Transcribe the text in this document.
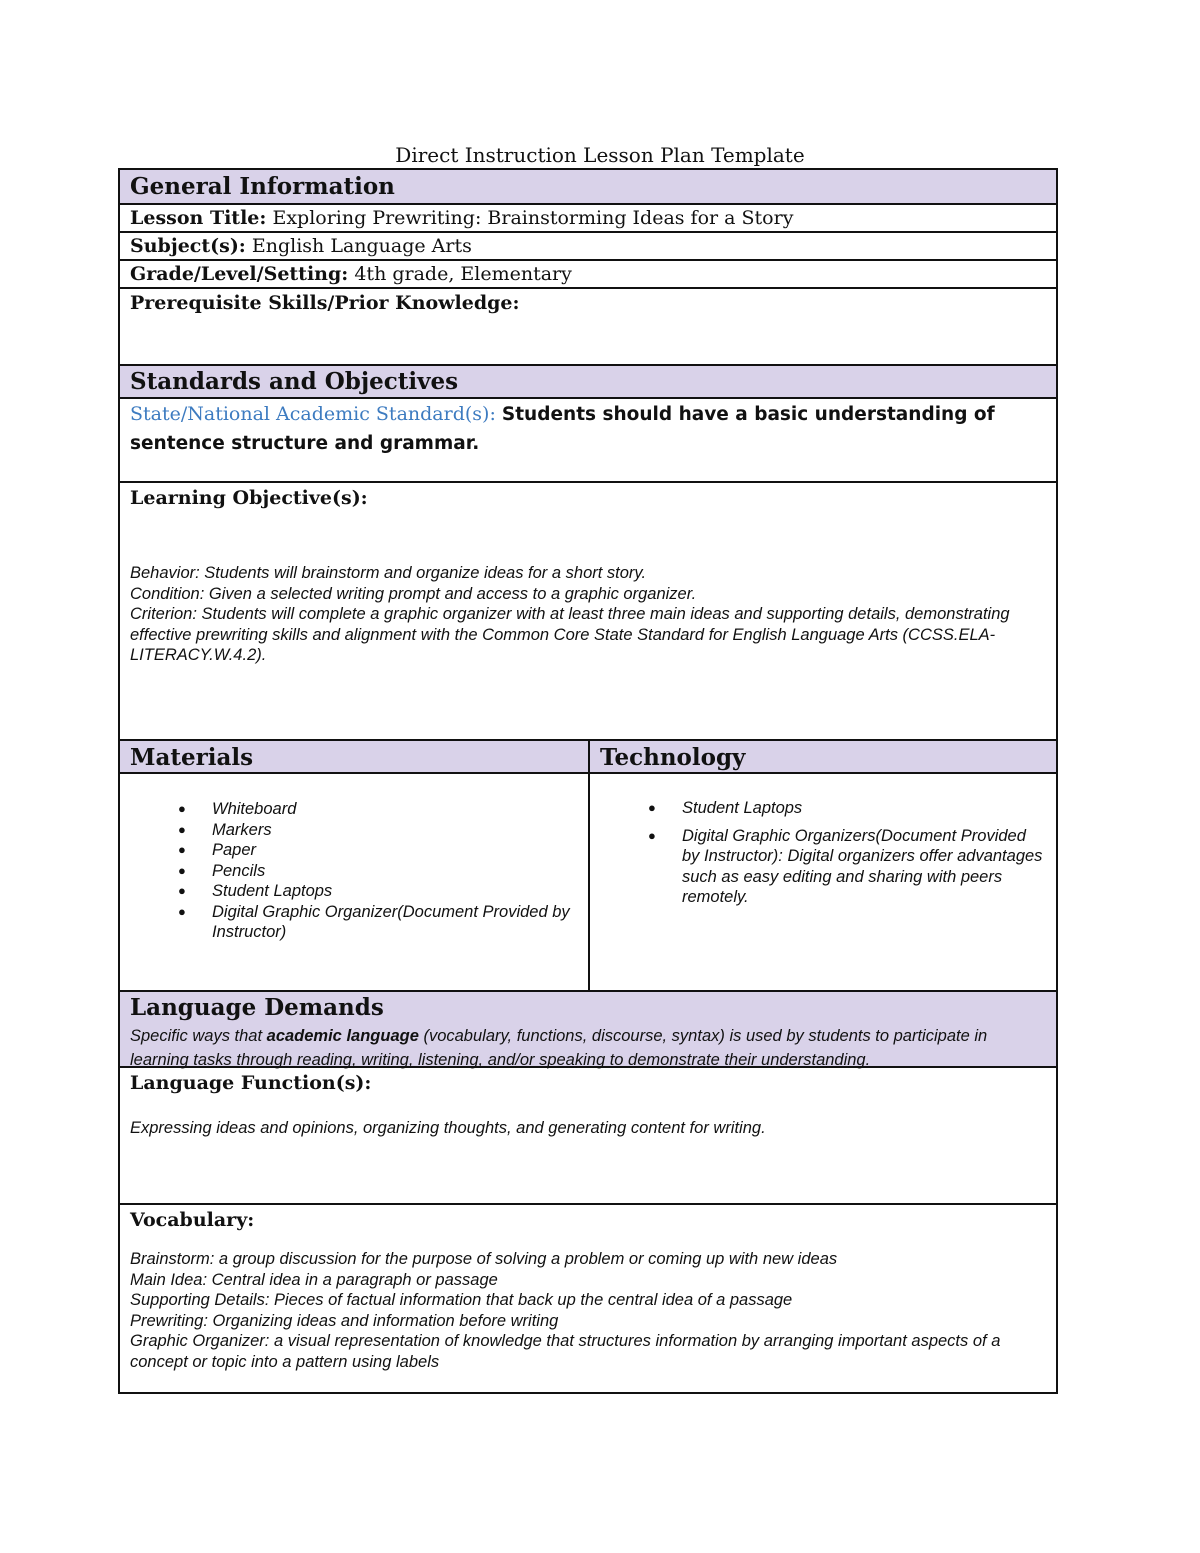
Direct Instruction Lesson Plan Template
General Information
Lesson Title: Exploring Prewriting: Brainstorming Ideas for a Story
Subject(s): English Language Arts
Grade/Level/Setting: 4th grade, Elementary
Prerequisite Skills/Prior Knowledge:
Standards and Objectives
State/National Academic Standard(s): Students should have a basic understanding of sentence structure and grammar.
Learning Objective(s):
Behavior: Students will brainstorm and organize ideas for a short story.
Condition: Given a selected writing prompt and access to a graphic organizer.
Criterion: Students will complete a graphic organizer with at least three main ideas and supporting details, demonstrating effective prewriting skills and alignment with the Common Core State Standard for English Language Arts (CCSS.ELA-LITERACY.W.4.2).
Materials	Technology
● Whiteboard
● Markers
● Paper
● Pencils
● Student Laptops
● Digital Graphic Organizer(Document Provided by Instructor)
● Student Laptops
● Digital Graphic Organizers(Document Provided by Instructor): Digital organizers offer advantages such as easy editing and sharing with peers remotely.
Language Demands
Specific ways that academic language (vocabulary, functions, discourse, syntax) is used by students to participate in learning tasks through reading, writing, listening, and/or speaking to demonstrate their understanding.
Language Function(s):
Expressing ideas and opinions, organizing thoughts, and generating content for writing.
Vocabulary:
Brainstorm: a group discussion for the purpose of solving a problem or coming up with new ideas
Main Idea: Central idea in a paragraph or passage
Supporting Details: Pieces of factual information that back up the central idea of a passage
Prewriting: Organizing ideas and information before writing
Graphic Organizer: a visual representation of knowledge that structures information by arranging important aspects of a concept or topic into a pattern using labels
